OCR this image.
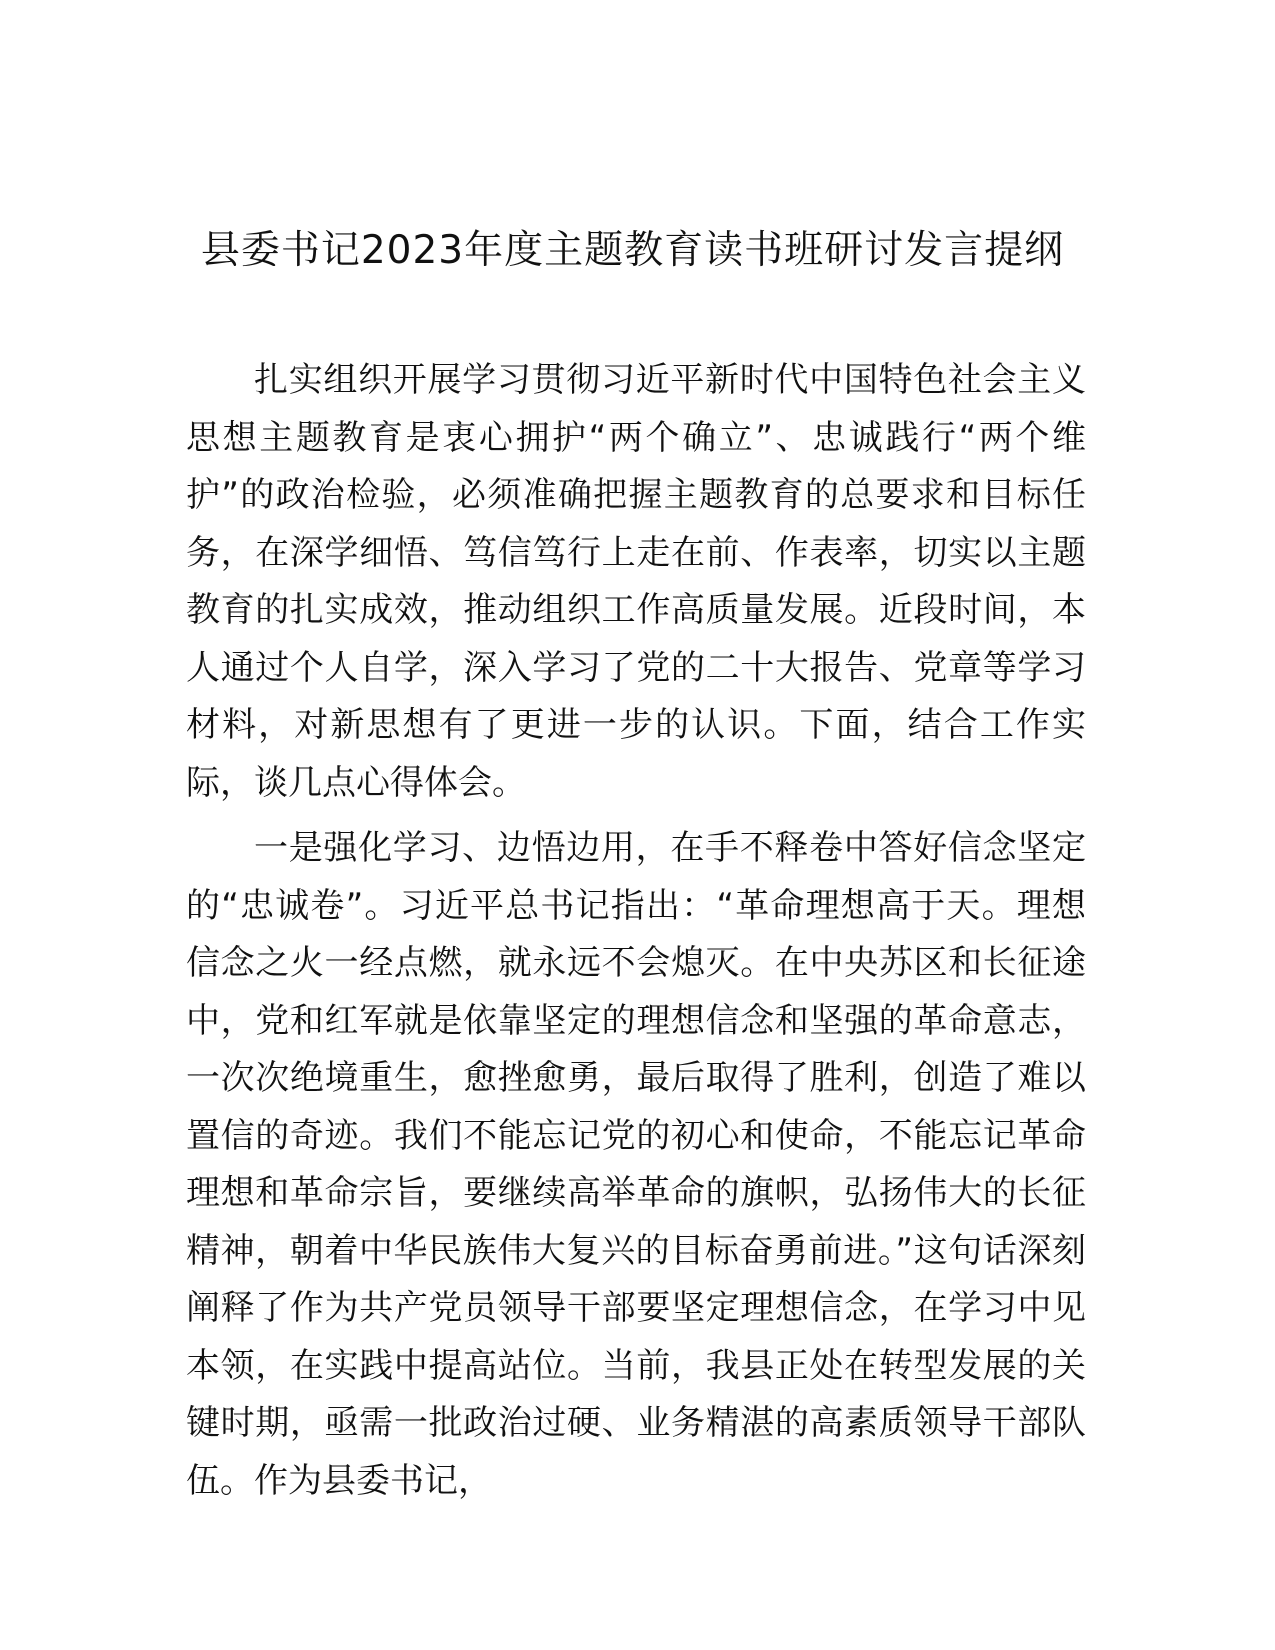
县委书记2023年度主题教育读书班研讨发言提纲

扎实组织开展学习贯彻习近平新时代中国特色社会主义思想主题教育是衷心拥护“两个确立”、忠诚践行“两个维护”的政治检验，必须准确把握主题教育的总要求和目标任务，在深学细悟、笃信笃行上走在前、作表率，切实以主题教育的扎实成效，推动组织工作高质量发展。近段时间，本人通过个人自学，深入学习了党的二十大报告、党章等学习材料，对新思想有了更进一步的认识。下面，结合工作实际，谈几点心得体会。

一是强化学习、边悟边用，在手不释卷中答好信念坚定的“忠诚卷”。习近平总书记指出：“革命理想高于天。理想信念之火一经点燃，就永远不会熄灭。在中央苏区和长征途中，党和红军就是依靠坚定的理想信念和坚强的革命意志，一次次绝境重生，愈挫愈勇，最后取得了胜利，创造了难以置信的奇迹。我们不能忘记党的初心和使命，不能忘记革命理想和革命宗旨，要继续高举革命的旗帜，弘扬伟大的长征精神，朝着中华民族伟大复兴的目标奋勇前进。”这句话深刻阐释了作为共产党员领导干部要坚定理想信念，在学习中见本领，在实践中提高站位。当前，我县正处在转型发展的关键时期，亟需一批政治过硬、业务精湛的高素质领导干部队伍。作为县委书记，
